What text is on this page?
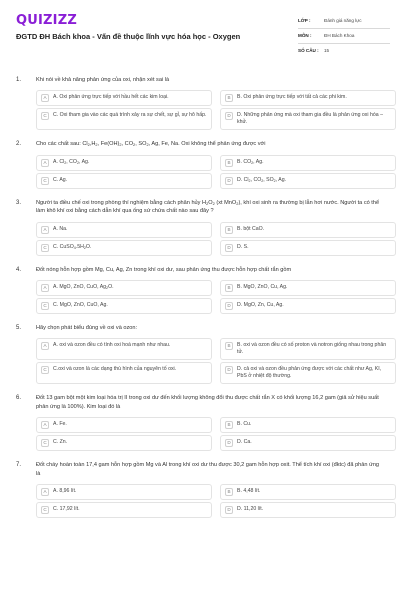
QUIZIZZ
ĐGTD ĐH Bách khoa - Vấn đề thuộc lĩnh vực hóa học - Oxygen
LỚP :	Đánh giá năng lực
MÔN :	ĐH Bách Khoa
SỐ CÂU :	15
1.	Khi nói về khả năng phản ứng của oxi, nhận xét sai là
A	A. Oxi phản ứng trực tiếp với hầu hết các kim loại.	B	B. Oxi phản ứng trực tiếp với tất cả các phi kim.
C	C. Oxi tham gia vào các quá trình xảy ra sự chết, sự gỉ, sự hô hấp.	D	D. Những phản ứng mà oxi tham gia đều là phản ứng oxi hóa – khử.
2.	Cho các chất sau: $Cl_2,H_2$, $Fe(OH)_2$, $CO_2$, $SO_2$, Ag, Fe, Na. Oxi không thể phản ứng được với
A	A. $Cl_2$, $CO_2$, Ag.	B	B. $CO_2$, Ag.
C	C. Ag.	D	D. $Cl_2$, $CO_2$, $SO_2$, Ag.
3.	Người ta điều chế oxi trong phòng thí nghiệm bằng cách phân hủy $H_2O_2$ (xt MnO$_2$), khí oxi sinh ra thường bị lẫn hơi nước. Người ta có thể làm khô khí oxi bằng cách dẫn khí qua ống sứ chứa chất nào sau đây ?
A	A. Na.	B	B. bột CaO.
C	C. $CuSO_4.5H_2O$.	D	D. S.
4.	Đốt nóng hỗn hợp gồm Mg, Cu, Ag, Zn trong khí oxi dư, sau phản ứng thu được hỗn hợp chất rắn gồm
A	A. MgO, ZnO, CuO, $Ag_2O$.	B	B. MgO, ZnO, Cu, Ag.
C	C. MgO, ZnO, CuO, Ag.	D	D. MgO, Zn, Cu, Ag.
5.	Hãy chọn phát biểu đúng về oxi và ozon:
A	A. oxi và ozon đều có tính oxi hoá mạnh như nhau.	B	B. oxi và ozon đều có số proton và notron giống nhau trong phân tử.
C	C.oxi và ozon là các dạng thù hình của nguyên tố oxi.	D	D. cả oxi và ozon đều phản ứng được với các chất như Ag, KI, PbS ở nhiệt độ thường.
6.	Đốt 13 gam bột một kim loại hóa trị II trong oxi dư đến khối lượng không đổi thu được chất rắn X có khối lượng 16,2 gam (giả sử hiệu suất phản ứng là 100%). Kim loại đó là
A	A. Fe.	B	B. Cu.
C	C. Zn.	D	D. Ca.
7.	Đốt cháy hoàn toàn 17,4 gam hỗn hợp gồm Mg và Al trong khí oxi dư thu được 30,2 gam hỗn hợp oxit. Thể tích khí oxi (đktc) đã phản ứng là
A	A. 8,96 lít.	B	B. 4,48 lít.
C	C. 17,92 lít.	D	D. 11,20 lít.
